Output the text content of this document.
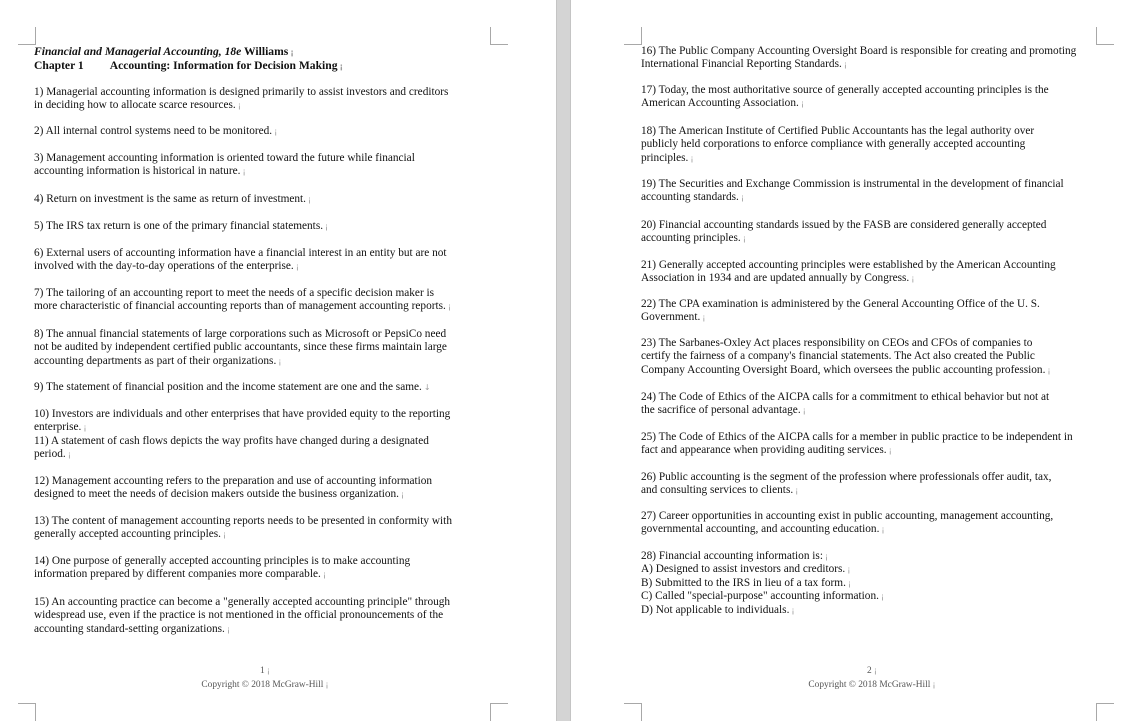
Financial and Managerial Accounting, 18e Williams ¡

Chapter 1 Accounting: Information for Decision Making ¡

1) Managerial accounting information is designed primarily to assist investors and creditors

in deciding how to allocate scarce resources. ¡

2) All internal control systems need to be monitored. ¡

3) Management accounting information is oriented toward the future while financial

accounting information is historical in nature. ¡

4) Return on investment is the same as return of investment. ¡

5) The IRS tax return is one of the primary financial statements. ¡

6) External users of accounting information have a financial interest in an entity but are not

involved with the day-to-day operations of the enterprise. ¡

7) The tailoring of an accounting report to meet the needs of a specific decision maker is

more characteristic of financial accounting reports than of management accounting reports. ¡

8) The annual financial statements of large corporations such as Microsoft or PepsiCo need

not be audited by independent certified public accountants, since these firms maintain large

accounting departments as part of their organizations. ¡

9) The statement of financial position and the income statement are one and the same. ↓

10) Investors are individuals and other enterprises that have provided equity to the reporting

enterprise. ¡

11) A statement of cash flows depicts the way profits have changed during a designated

period. ¡

12) Management accounting refers to the preparation and use of accounting information

designed to meet the needs of decision makers outside the business organization. ¡

13) The content of management accounting reports needs to be presented in conformity with

generally accepted accounting principles. ¡

14) One purpose of generally accepted accounting principles is to make accounting

information prepared by different companies more comparable. ¡

15) An accounting practice can become a "generally accepted accounting principle" through

widespread use, even if the practice is not mentioned in the official pronouncements of the

accounting standard-setting organizations. ¡

1 ¡
Copyright © 2018 McGraw-Hill ¡

16) The Public Company Accounting Oversight Board is responsible for creating and promoting

International Financial Reporting Standards. ¡

17) Today, the most authoritative source of generally accepted accounting principles is the

American Accounting Association. ¡

18) The American Institute of Certified Public Accountants has the legal authority over

publicly held corporations to enforce compliance with generally accepted accounting

principles. ¡

19) The Securities and Exchange Commission is instrumental in the development of financial

accounting standards. ¡

20) Financial accounting standards issued by the FASB are considered generally accepted

accounting principles. ¡

21) Generally accepted accounting principles were established by the American Accounting

Association in 1934 and are updated annually by Congress. ¡

22) The CPA examination is administered by the General Accounting Office of the U. S.

Government. ¡

23) The Sarbanes-Oxley Act places responsibility on CEOs and CFOs of companies to

certify the fairness of a company's financial statements. The Act also created the Public

Company Accounting Oversight Board, which oversees the public accounting profession. ¡

24) The Code of Ethics of the AICPA calls for a commitment to ethical behavior but not at

the sacrifice of personal advantage. ¡

25) The Code of Ethics of the AICPA calls for a member in public practice to be independent in

fact and appearance when providing auditing services. ¡

26) Public accounting is the segment of the profession where professionals offer audit, tax,

and consulting services to clients. ¡

27) Career opportunities in accounting exist in public accounting, management accounting,

governmental accounting, and accounting education. ¡

28) Financial accounting information is: ¡

A) Designed to assist investors and creditors. ¡

B) Submitted to the IRS in lieu of a tax form. ¡

C) Called "special-purpose" accounting information. ¡

D) Not applicable to individuals. ¡

2 ¡
Copyright © 2018 McGraw-Hill ¡
